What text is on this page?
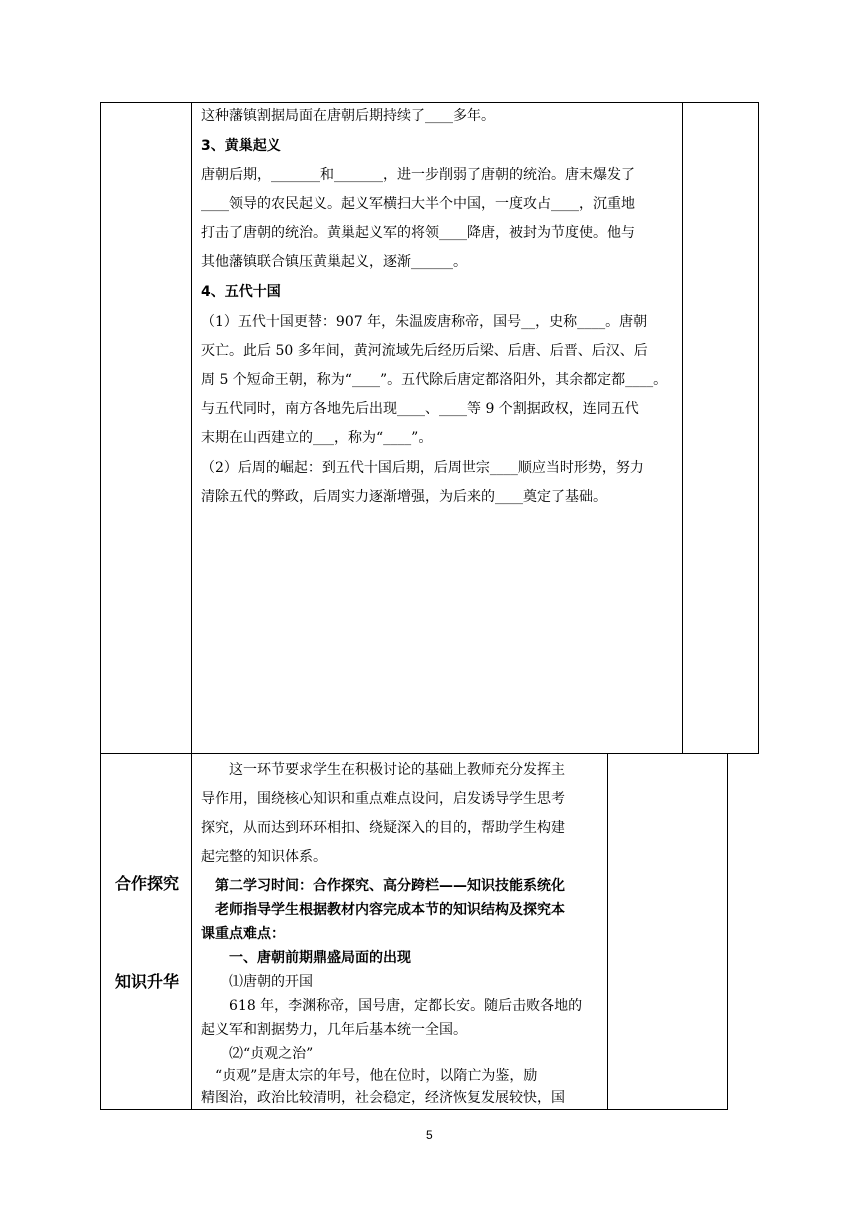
这种藩镇割据局面在唐朝后期持续了____多年。
3、黄巢起义
唐朝后期，_______和_______，进一步削弱了唐朝的统治。唐末爆发了
____领导的农民起义。起义军横扫大半个中国，一度攻占____，沉重地
打击了唐朝的统治。黄巢起义军的将领____降唐，被封为节度使。他与
其他藩镇联合镇压黄巢起义，逐渐______。
4、五代十国
（1）五代十国更替：907 年，朱温废唐称帝，国号__，史称____。唐朝
灭亡。此后 50 多年间，黄河流域先后经历后梁、后唐、后晋、后汉、后
周 5 个短命王朝，称为“____”。五代除后唐定都洛阳外，其余都定都____。
与五代同时，南方各地先后出现____、____等 9 个割据政权，连同五代
末期在山西建立的___，称为“____”。
（2）后周的崛起：到五代十国后期，后周世宗____顺应当时形势，努力
清除五代的弊政，后周实力逐渐增强，为后来的____奠定了基础。
合作探究
知识升华
这一环节要求学生在积极讨论的基础上教师充分发挥主
导作用，围绕核心知识和重点难点设问，启发诱导学生思考
探究，从而达到环环相扣、绕疑深入的目的，帮助学生构建
起完整的知识体系。
第二学习时间：合作探究、高分跨栏——知识技能系统化
老师指导学生根据教材内容完成本节的知识结构及探究本
课重点难点：
一、唐朝前期鼎盛局面的出现
⑴唐朝的开国
618 年，李渊称帝，国号唐，定都长安。随后击败各地的
起义军和割据势力，几年后基本统一全国。
⑵“贞观之治”
“贞观”是唐太宗的年号，他在位时，以隋亡为鉴，励
精图治，政治比较清明，社会稳定，经济恢复发展较快，国
5
